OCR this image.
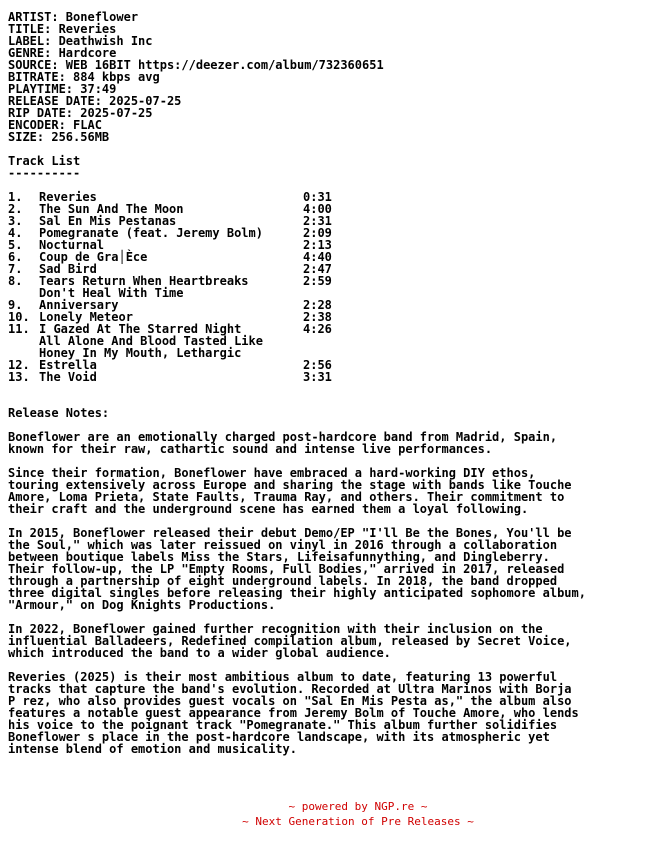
ARTIST: Boneflower
TITLE: Reveries
LABEL: Deathwish Inc
GENRE: Hardcore
SOURCE: WEB 16BIT https://deezer.com/album/732360651
BITRATE: 884 kbps avg
PLAYTIME: 37:49
RELEASE DATE: 2025-07-25
RIP DATE: 2025-07-25
ENCODER: FLAC
SIZE: 256.56MB
Track List
----------
1. Reveries	0:31
2. The Sun And The Moon	4:00
3. Sal En Mis Pestanas	2:31
4. Pomegranate (feat. Jeremy Bolm)	2:09
5. Nocturnal	2:13
6. Coup de Gra│Èce	4:40
7. Sad Bird	2:47
8. Tears Return When Heartbreaks	2:59
Don't Heal With Time
9. Anniversary	2:28
10. Lonely Meteor	2:38
11. I Gazed At The Starred Night	4:26
All Alone And Blood Tasted Like
Honey In My Mouth, Lethargic
12. Estrella	2:56
13. The Void	3:31
Release Notes:
Boneflower are an emotionally charged post-hardcore band from Madrid, Spain,
known for their raw, cathartic sound and intense live performances.
Since their formation, Boneflower have embraced a hard-working DIY ethos,
touring extensively across Europe and sharing the stage with bands like Touche
Amore, Loma Prieta, State Faults, Trauma Ray, and others. Their commitment to
their craft and the underground scene has earned them a loyal following.
In 2015, Boneflower released their debut Demo/EP "I'll Be the Bones, You'll be
the Soul," which was later reissued on vinyl in 2016 through a collaboration
between boutique labels Miss the Stars, Lifeisafunnything, and Dingleberry.
Their follow-up, the LP "Empty Rooms, Full Bodies," arrived in 2017, released
through a partnership of eight underground labels. In 2018, the band dropped
three digital singles before releasing their highly anticipated sophomore album,
"Armour," on Dog Knights Productions.
In 2022, Boneflower gained further recognition with their inclusion on the
influential Balladeers, Redefined compilation album, released by Secret Voice,
which introduced the band to a wider global audience.
Reveries (2025) is their most ambitious album to date, featuring 13 powerful
tracks that capture the band's evolution. Recorded at Ultra Marinos with Borja
P rez, who also provides guest vocals on "Sal En Mis Pesta as," the album also
features a notable guest appearance from Jeremy Bolm of Touche Amore, who lends
his voice to the poignant track "Pomegranate." This album further solidifies
Boneflower s place in the post-hardcore landscape, with its atmospheric yet
intense blend of emotion and musicality.
~ powered by NGP.re ~
~ Next Generation of Pre Releases ~
